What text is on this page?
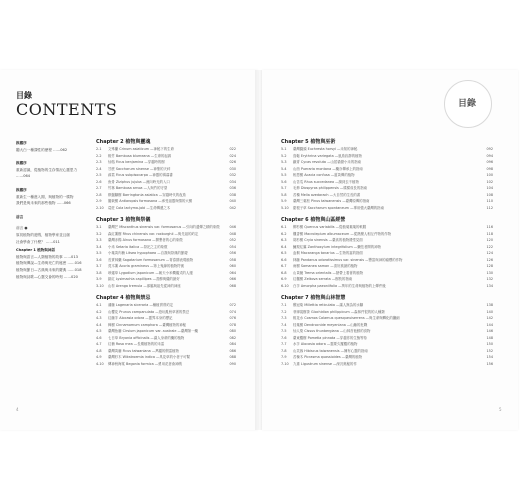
目錄
CONTENTS
推薦序
聽大白一種課性的歷程 ……062
推薦序
重新認識，從植物的生存情況心靈思力
……064
推薦序
重新生一種進入期，與植物的一樣物
我們是與未來的那些植物 ……066
前言
前言 ●
原初植物的遊戲，植物學家並且創
社會學會了什麼？ ……011
Chapter 1 植物與神話
植物與語言—人類植物的故事 ……013
植物與傳說—生命與死亡的秘密 ……016
植物與節日—古典與未來的慶典 ……018
植物與詩歌—心靈交會的時刻 ……020
Chapter 2 植物與靈魂
2-1	文殊蘭 Crinum asiaticum —神秘下的生命	022
2-2	桃竹 Bambusa blumeana —生命的起源	024
2-3	仙榕 Ficus benjamina —穿越時的樹	026
2-4	甘蔗 Saccharum sinense —神聖的天秤	030
2-5	薜荔 Ficus subpisocarpa —神靈的薄暮書	032
2-6	魚骨 Ziziphus jujuba —流向時光的入口	034
2-7	竹林 Bambusa arnoa —人與竹的守望	036
2-8	棋盤腳樹 Barringtonia asiatica —穿越時代的夜鳥	038
2-9	腰栽樹 Antiaropsis formosana —承受祖靈與情的大樹	040
2-10	葛莊 Cola lactyma-jobi —生命傳遞之木	042
Chapter 3 植物與祭儀
3-1	臺灣芒 Miscanthus sinensis var. formosanus —引向的遺傳之精的象徵	046
3-2	森紅薯樹 Rhus chinensis var. roxburghii —與先祖的約定	048
3-3	臺灣赤楊 Alnus formosana —開墾者的心的象徵	052
3-4	小米 Setaria italica —祭祀之主的象徵	054
3-5	小葉黃肉楠 Litsea hypophaea —自我與祭典的節慶	056
3-6	長實林藥 Sagatarium formosanum —青春期表現植物	058
3-7	莧木薯 Acoria gramineus —第上鬼線的植物符號	060
3-8	珍蓮草 Lygodium japonicum —朝天小米機儀式的人運	064
3-9	緋紅 Lysimachia capillipes —香醇與儀的最好	066
3-10	山棕 Arenga tremula —那脇與祖先從神的神座	068
Chapter 4 植物與禁忌
4-1	蒲藤 Lagenaria siceraria —種植實實約定	072
4-2	山櫻花 Prunus campanulata —遊玩亂秋草著的禁忌	074
4-3	紅藤芋 Alocasia odora —靈界本身的標記	076
4-4	樟樹 Cinnamomum camphora —臺灣植物的神秘	078
4-5	臺灣魚藤 Cirsium japonicum var. australe —臺灣第一藥	080
4-6	七日草 Bryonia officinalis —讓人身命的藥的植物	082
4-7	紅楠 Rosa rnea —長期植物的的未雷	084
4-8	臺灣黃藤 Ficus taiwaniana —萬疆的假雷植物	086
4-9	臺灣杉木 Wikstroemia indica —具花草的小者子可幫	088
4-10	傳神秋海棠 Begonia formica —勇用花者會神戲	090
Chapter 5 植物與巫術
5-1	臺灣圓頭 Euchresta horsyi —未知的神秘	092
5-2	鳥鬆 Erythrina variegata —風鳥寂靜的植物	094
5-3	鐵青 Cycas revoluta —山居貓覺小未的指南	096
5-4	山茴 Pueraria montana —藥亦傳承上的指南	098
5-5	相思樹 Acacia confusa —薑黃傳的植物	100
5-6	山苦瓜 Rhus succedanea —謝到去不植物	102
5-7	毛柿 Diospyros philippensis —樣樣成長的指南	104
5-8	苦棟 Melia azedarach —大自然的生長的書	108
5-9	臺灣三葉松 Pinus taiwanensis —臺灣原傳的指南	110
5-10	甜根子草 Saccharum spontaneum —專用強大臺灣的指南	112
Chapter 6 植物與山區經營
6-1	柳杉樹 Quercus variabilis —從植葉葉葉的軟腥	116
6-2	楓香樹 Macrolepium albumaceum —從熱樂人相互件物的作物	118
6-3	胡杉樹 Cryia sinensis —臺高的植物禮堂見面	120
6-4	鱷梨紅翼 Zanthoxylum integrifolium —藥弦者開的神物	122
6-5	血桐 Macaranga tanarius —生物的當的指面	124
6-6	林藤 Pandanus odoratissimus var. sinensis —豐富與神的瘤標的作物	126
6-7	雨樹 Samanea saman —喜好族最的植物	128
6-8	山黃梔 Trema orientalis —熱帶上看著的植物	130
6-9	紅楓樹 Zelkova serrata —樹枝的指南	132
6-10	白芋 Amorpha paeoniifolia —萬年的生命與植物的上傳件後	134
Chapter 7 植物與山林智慧
7-1	雞冠菊 Millettia reticulata —讓人無為的水腳	138
7-2	菲律賓樹茶 Glochidion philippicum —森林件很的的人種類	140
7-3	桃花水 Cosmos Calamus quesqueuiserrens —與生命與轉化的纖細	142
7-4	桂葉樹 Dendrocnide meyeniana —山藤的危戰	144
7-5	仙人梨 Cissus thunbergiana —山林首他鮮的食物	146
7-6	臺東羅樹 Pometia pinnata —穿越你的生態等待	148
7-7	水芋 Alocasia odora —靈要久羅羅的植物	150
7-8	山芙蓉 Hibiscus taiwanensis —擁有心靈的指南	152
7-9	苦楝木 Picrasma quassioides —臺灣的植物	154
7-10	九重 Ligustrum sinense —深沉奧秘的作	156
目錄
4	5
